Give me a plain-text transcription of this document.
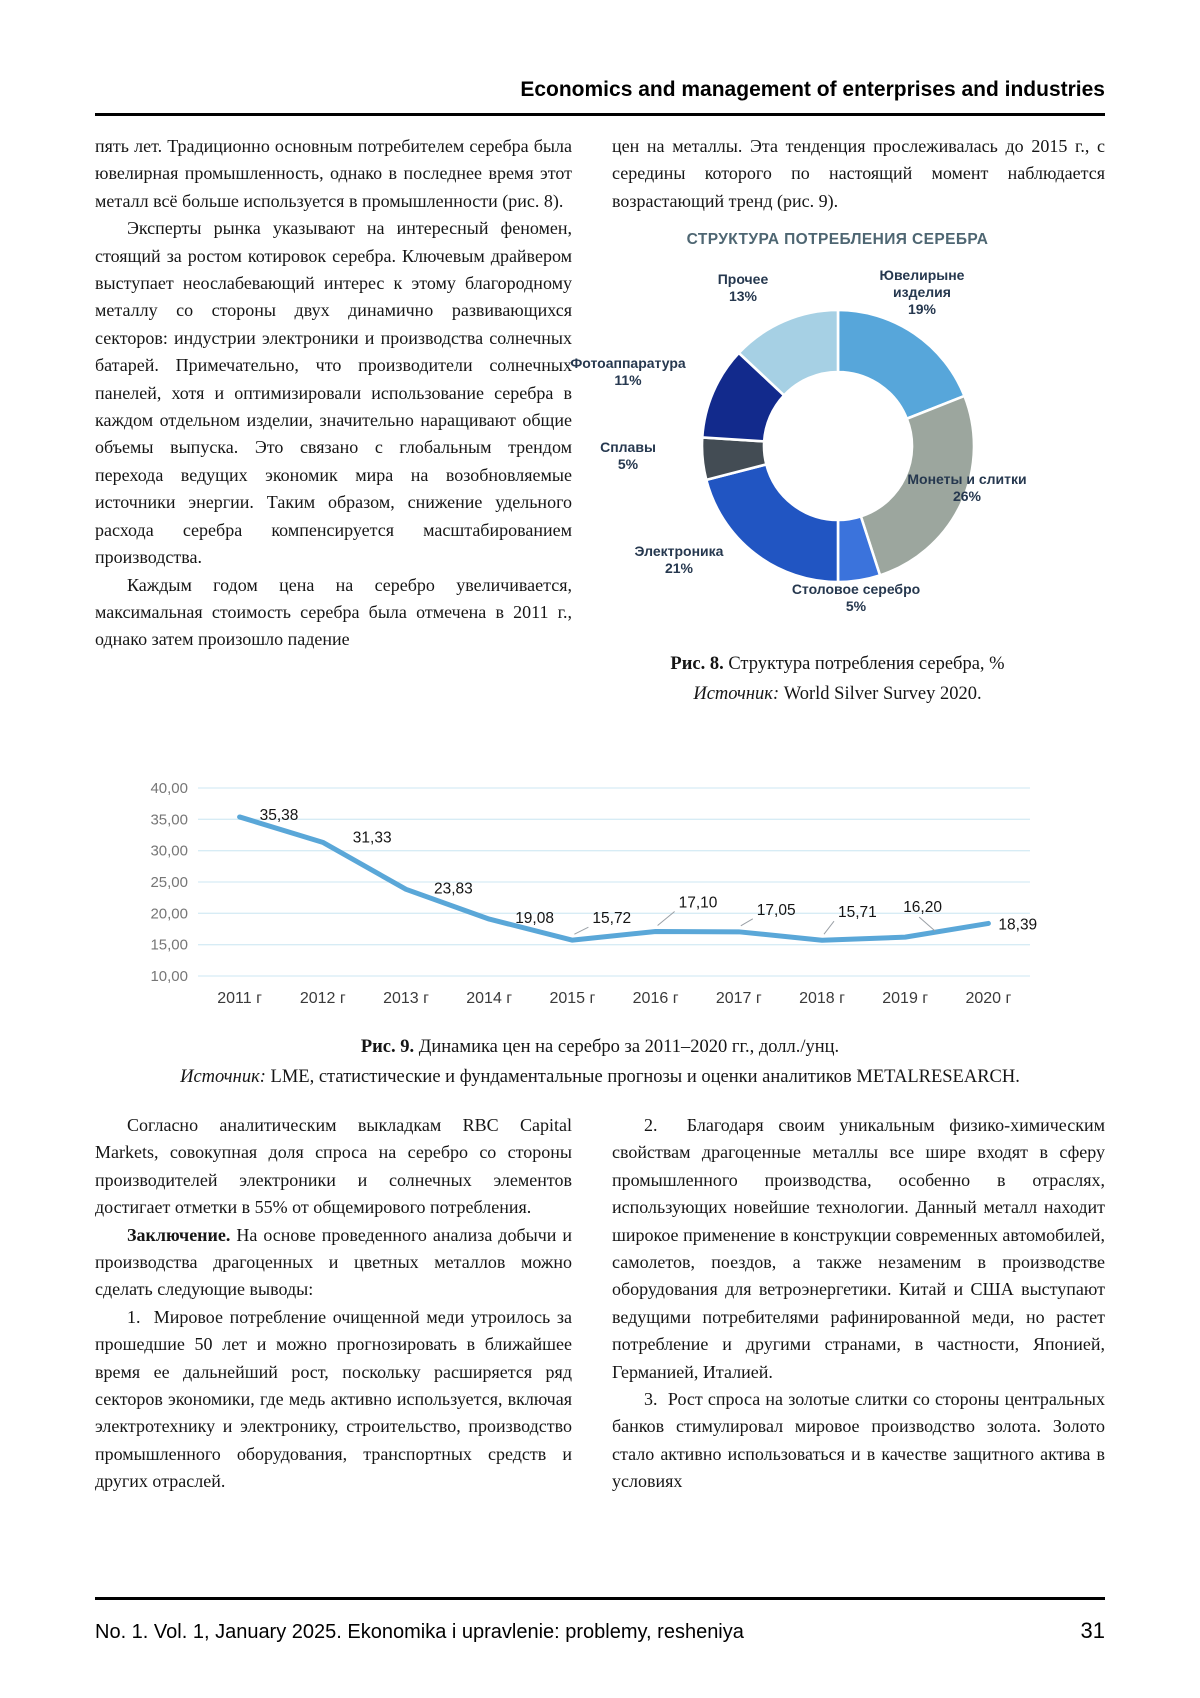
Economics and management of enterprises and industries

пять лет. Традиционно основным потребителем серебра была ювелирная промышленность, однако в последнее время этот металл всё больше используется в промышленности (рис. 8).

Эксперты рынка указывают на интересный феномен, стоящий за ростом котировок серебра. Ключевым драйвером выступает неослабевающий интерес к этому благородному металлу со стороны двух динамично развивающихся секторов: индустрии электроники и производства солнечных батарей. Примечательно, что производители солнечных панелей, хотя и оптимизировали использование серебра в каждом отдельном изделии, значительно наращивают общие объемы выпуска. Это связано с глобальным трендом перехода ведущих экономик мира на возобновляемые источники энергии. Таким образом, снижение удельного расхода серебра компенсируется масштабированием производства.

Каждым годом цена на серебро увеличивается, максимальная стоимость серебра была отмечена в 2011 г., однако затем произошло падение

цен на металлы. Эта тенденция прослеживалась до 2015 г., с середины которого по настоящий момент наблюдается возрастающий тренд (рис. 9).

СТРУКТУРА ПОТРЕБЛЕНИЯ СЕРЕБРА
Ювелирыне изделия
19%
Монеты и слитки
26%
Столовое серебро
5%
Электроника
21%
Сплавы
5%
Фотоаппаратура
11%
Прочее
13%
Рис. 8. Структура потребления серебра, %
Источник: World Silver Survey 2020.
40,00
35,00
30,00
25,00
20,00
15,00
10,00
2011 г 2012 г 2013 г 2014 г 2015 г 2016 г 2017 г 2018 г 2019 г 2020 г
35,38
31,33
23,83
19,08 15,72
17,10	17,05	15,71 16,20
18,39
Рис. 9. Динамика цен на серебро за 2011–2020 гг., долл./унц.
Источник: LME, статистические и фундаментальные прогнозы и оценки аналитиков METALRESEARCH.

Согласно аналитическим выкладкам RBC Capital Markets, совокупная доля спроса на серебро со стороны производителей электроники и солнечных элементов достигает отметки в 55% от общемирового потребления.

Заключение. На основе проведенного анализа добычи и производства драгоценных и цветных металлов можно сделать следующие выводы:

1.  Мировое потребление очищенной меди утроилось за прошедшие 50 лет и можно прогнозировать в ближайшее время ее дальнейший рост, поскольку расширяется ряд секторов экономики, где медь активно используется, включая электротехнику и электронику, строительство, производство промышленного оборудования, транспортных средств и других отраслей.

2.  Благодаря своим уникальным физико-химическим свойствам драгоценные металлы все шире входят в сферу промышленного производства, особенно в отраслях, использующих новейшие технологии. Данный металл находит широкое применение в конструкции современных автомобилей, самолетов, поездов, а также незаменим в производстве оборудования для ветроэнергетики. Китай и США выступают ведущими потребителями рафинированной меди, но растет потребление и другими странами, в частности, Японией, Германией, Италией.

3.  Рост спроса на золотые слитки со стороны центральных банков стимулировал мировое производство золота. Золото стало активно использоваться и в качестве защитного актива в условиях

No. 1. Vol. 1, January 2025. Ekonomika i upravlenie: problemy, resheniya	31
